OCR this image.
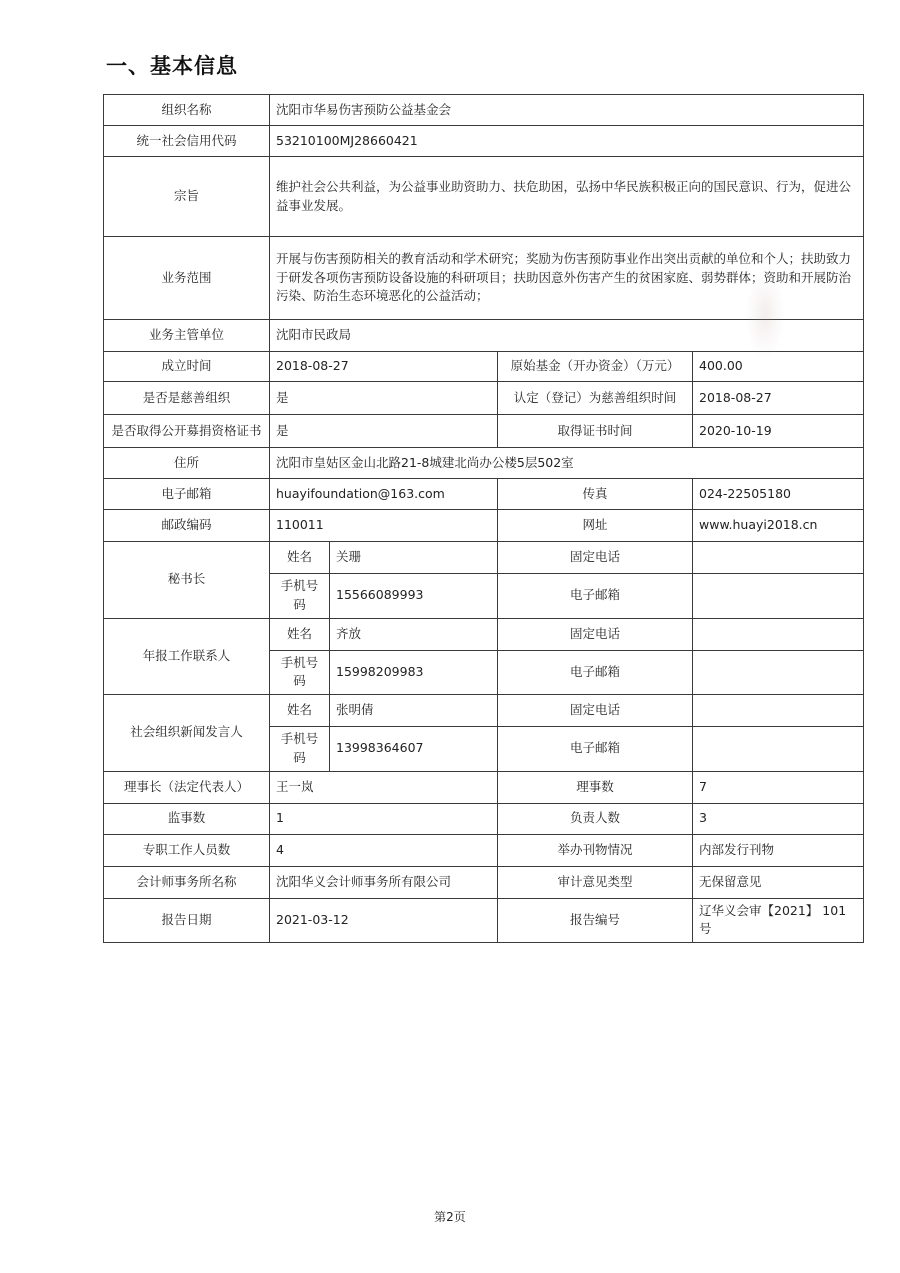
一、基本信息
组织名称	沈阳市华易伤害预防公益基金会			
统一社会信用代码	53210100MJ28660421			
宗旨	维护社会公共利益，为公益事业助资助力、扶危助困，弘扬中华民族积极正向的国民意识、行为，促进公益事业发展。			
业务范围	开展与伤害预防相关的教育活动和学术研究；奖励为伤害预防事业作出突出贡献的单位和个人；扶助致力于研发各项伤害预防设备设施的科研项目；扶助因意外伤害产生的贫困家庭、弱势群体；资助和开展防治污染、防治生态环境恶化的公益活动；			
业务主管单位	沈阳市民政局			
成立时间	2018-08-27		原始基金（开办资金）（万元）	400.00
是否是慈善组织	是		认定（登记）为慈善组织时间	2018-08-27
是否取得公开募捐资格证书	是		取得证书时间	2020-10-19
住所	沈阳市皇姑区金山北路21-8城建北尚办公楼5层502室			
电子邮箱	huayifoundation@163.com		传真	024-22505180
邮政编码	110011		网址	www.huayi2018.cn
秘书长	姓名	关珊	固定电话	
	手机号码	15566089993	电子邮箱	
年报工作联系人	姓名	齐放	固定电话	
	手机号码	15998209983	电子邮箱	
社会组织新闻发言人	姓名	张明倩	固定电话	
	手机号码	13998364607	电子邮箱	
理事长（法定代表人）	王一岚		理事数	7
监事数	1		负责人数	3
专职工作人员数	4		举办刊物情况	内部发行刊物
会计师事务所名称	沈阳华义会计师事务所有限公司		审计意见类型	无保留意见
报告日期	2021-03-12		报告编号	辽华义会审【2021】 101号
第2页
